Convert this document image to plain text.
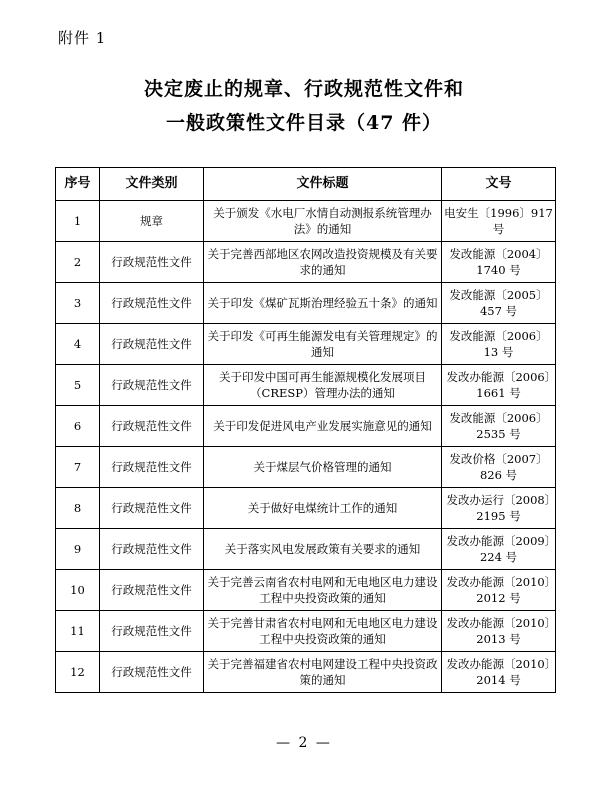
附件 1
决定废止的规章、行政规范性文件和
一般政策性文件目录（47 件）
序号	文件类别	文件标题	文号
1	规章	关于颁发《水电厂水情自动测报系统管理办法》的通知	电安生〔1996〕917 号
2	行政规范性文件	关于完善西部地区农网改造投资规模及有关要求的通知	发改能源〔2004〕1740 号
3	行政规范性文件	关于印发《煤矿瓦斯治理经验五十条》的通知	发改能源〔2005〕457 号
4	行政规范性文件	关于印发《可再生能源发电有关管理规定》的通知	发改能源〔2006〕13 号
5	行政规范性文件	关于印发中国可再生能源规模化发展项目（CRESP）管理办法的通知	发改办能源〔2006〕1661 号
6	行政规范性文件	关于印发促进风电产业发展实施意见的通知	发改能源〔2006〕2535 号
7	行政规范性文件	关于煤层气价格管理的通知	发改价格〔2007〕826 号
8	行政规范性文件	关于做好电煤统计工作的通知	发改办运行〔2008〕2195 号
9	行政规范性文件	关于落实风电发展政策有关要求的通知	发改办能源〔2009〕224 号
10	行政规范性文件	关于完善云南省农村电网和无电地区电力建设工程中央投资政策的通知	发改办能源〔2010〕2012 号
11	行政规范性文件	关于完善甘肃省农村电网和无电地区电力建设工程中央投资政策的通知	发改办能源〔2010〕2013 号
12	行政规范性文件	关于完善福建省农村电网建设工程中央投资政策的通知	发改办能源〔2010〕2014 号
— 2 —
